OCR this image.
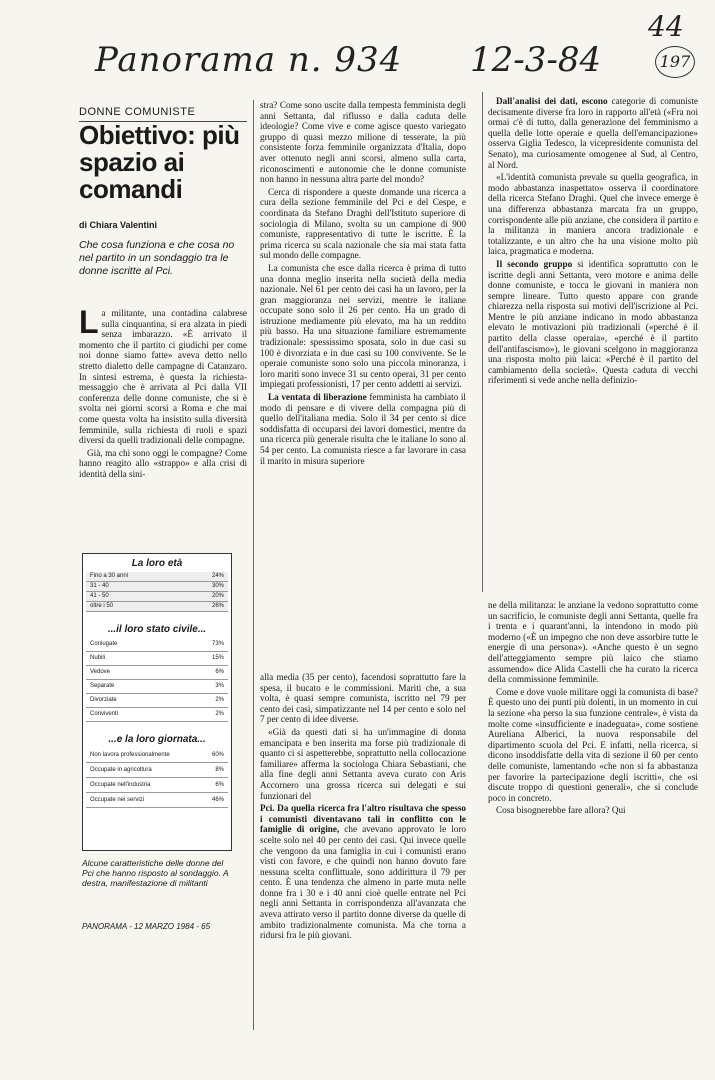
Panorama n. 934 12-3-84
44
197
DONNE COMUNISTE
Obiettivo: più spazio ai comandi
di Chiara Valentini
Che cosa funziona e che cosa no nel partito in un sondaggio tra le donne iscritte al Pci.

La militante, una contadina calabrese sulla cinquantina, si era alzata in piedi senza imbarazzo. «È arrivato il momento che il partito ci giudichi per come noi donne siamo fatte» aveva detto nello stretto dialetto delle campagne di Catanzaro. In sintesi estrema, è questa la richiesta-messaggio che è arrivata al Pci dalla VII conferenza delle donne comuniste, che si è svolta nei giorni scorsi a Roma e che mai come questa volta ha insistito sulla diversità femminile, sulla richiesta di ruoli e spazi diversi da quelli tradizionali delle compagne.

Già, ma chi sono oggi le compagne? Come hanno reagito allo «strappo» e alla crisi di identità della sini-

La loro età
Fino a 30 anni	24%
31 - 40	30%
41 - 50	20%
oltre i 50	26%
...il loro stato civile...
Coniugate	73%
Nubili	15%
Vedove	6%
Separate	3%
Divorziate	2%
Conviventi	2%
...e la loro giornata...
Non lavora professionalmente	60%
Occupate in agricoltura	8%
Occupate nell'industria	6%
Occupate nei servizi	46%
Alcune caratteristiche delle donne del Pci che hanno risposto al sondaggio. A destra, manifestazione di militanti
PANORAMA - 12 MARZO 1984 - 65

stra? Come sono uscite dalla tempesta femminista degli anni Settanta, dal riflusso e dalla caduta delle ideologie? Come vive e come agisce questo variegato gruppo di quasi mezzo milione di tesserate, la più consistente forza femminile organizzata d'Italia, dopo aver ottenuto negli anni scorsi, almeno sulla carta, riconoscimenti e autonomie che le donne comuniste non hanno in nessuna altra parte del mondo?

Cerca di rispondere a queste domande una ricerca a cura della sezione femminile del Pci e del Cespe, e coordinata da Stefano Draghi dell'Istituto superiore di sociologia di Milano, svolta su un campione di 900 comuniste, rappresentativo di tutte le iscritte. È la prima ricerca su scala nazionale che sia mai stata fatta sul mondo delle compagne.

La comunista che esce dalla ricerca è prima di tutto una donna meglio inserita nella società della media nazionale. Nel 61 per cento dei casi ha un lavoro, per la gran maggioranza nei servizi, mentre le italiane occupate sono solo il 26 per cento. Ha un grado di istruzione mediamente più elevato, ma ha un reddito più basso. Ha una situazione familiare estremamente tradizionale: spessissimo sposata, solo in due casi su 100 è divorziata e in due casi su 100 conviventе. Se le operaie comuniste sono solo una piccola minoranza, i loro mariti sono invece 31 su cento operai, 31 per cento impiegati professionisti, 17 per cento addetti ai servizi.

La ventata di liberazione femminista ha cambiato il modo di pensare e di vivere della compagna più di quello dell'italiana media. Solo il 34 per cento si dice soddisfatta di occuparsi dei lavori domestici, mentre da una ricerca più generale risulta che le italiane lo sono al 54 per cento. La comunista riesce a far lavorare in casa il marito in misura superiore

alla media (35 per cento), facendosi soprattutto fare la spesa, il bucato e le commissioni. Mariti che, a sua volta, è quasi sempre comunista, iscritto nel 79 per cento dei casi, simpatizzante nel 14 per cento e solo nel 7 per cento di idee diverse.

«Già da questi dati si ha un'immagine di donna emancipata e ben inserita ma forse più tradizionale di quanto ci si aspetterebbe, soprattutto nella collocazione familiare» afferma la sociologa Chiara Sebastiani, che alla fine degli anni Settanta aveva curato con Aris Accornero una grossa ricerca sui delegati e sui funzionari del

Pci. Da quella ricerca fra l'altro risultava che spesso i comunisti diventavano tali in conflitto con le famiglie di origine, che avevano approvato le loro scelte solo nel 40 per cento dei casi. Qui invece quelle che vengono da una famiglia in cui i comunisti erano visti con favore, e che quindi non hanno dovuto fare nessuna scelta conflittuale, sono addirittura il 79 per cento. È una tendenza che almeno in parte muta nelle donne fra i 30 e i 40 anni cioè quelle entrate nel Pci negli anni Settanta in corrispondenza all'avanzata che aveva attirato verso il partito donne diverse da quelle di ambito tradizionalmente comunista. Ma che torna a ridursi fra le più giovani.

Dall'analisi dei dati, escono categorie di comuniste decisamente diverse fra loro in rapporto all'età («Fra noi ormai c'è di tutto, dalla generazione del femminismo a quella delle lotte operaie e quella dell'emancipazione» osserva Giglia Tedesco, la vicepresidente comunista del Senato), ma curiosamente omogenee al Sud, al Centro, al Nord.

«L'identità comunista prevale su quella geografica, in modo abbastanza inaspettato» osserva il coordinatore della ricerca Stefano Draghi. Quel che invece emerge è una differenza abbastanza marcata fra un gruppo, corrispondente alle più anziane, che considera il partito e la militanza in maniera ancora tradizionale e totalizzante, e un altro che ha una visione molto più laica, pragmatica e moderna.

Il secondo gruppo si identifica soprattutto con le iscritte degli anni Settanta, vero motore e anima delle donne comuniste, e tocca le giovani in maniera non sempre lineare. Tutto questo appare con grande chiarezza nella risposta sui motivi dell'iscrizione al Pci. Mentre le più anziane indicano in modo abbastanza elevato le motivazioni più tradizionali («perché è il partito della classe operaia», «perché è il partito dell'antifascismo»), le giovani scelgono in maggioranza una risposta molto più laica: «Perché è il partito del cambiamento della società». Questa caduta di vecchi riferimenti si vede anche nella definizio-

ne della militanza: le anziane la vedono soprattutto come un sacrificio, le comuniste degli anni Settanta, quelle fra i trenta e i quarant'anni, la intendono in modo più moderno («È un impegno che non deve assorbire tutte le energie di una persona»). «Anche questo è un segno dell'atteggiamento sempre più laico che stiamo assumendo» dice Alida Castelli che ha curato la ricerca della commissione femminile.

Come e dove vuole militare oggi la comunista di base? È questo uno dei punti più dolenti, in un momento in cui la sezione «ha perso la sua funzione centrale», è vista da molte come «insufficiente e inadeguata», come sostiene Aureliana Alberici, la nuova responsabile del dipartimento scuola del Pci. E infatti, nella ricerca, si dicono insoddisfatte della vita di sezione il 60 per cento delle comuniste, lamentando «che non si fa abbastanza per favorire la partecipazione degli iscritti», che «si discute troppo di questioni generali», che si conclude poco in concreto.

Cosa bisognerebbe fare allora? Qui
